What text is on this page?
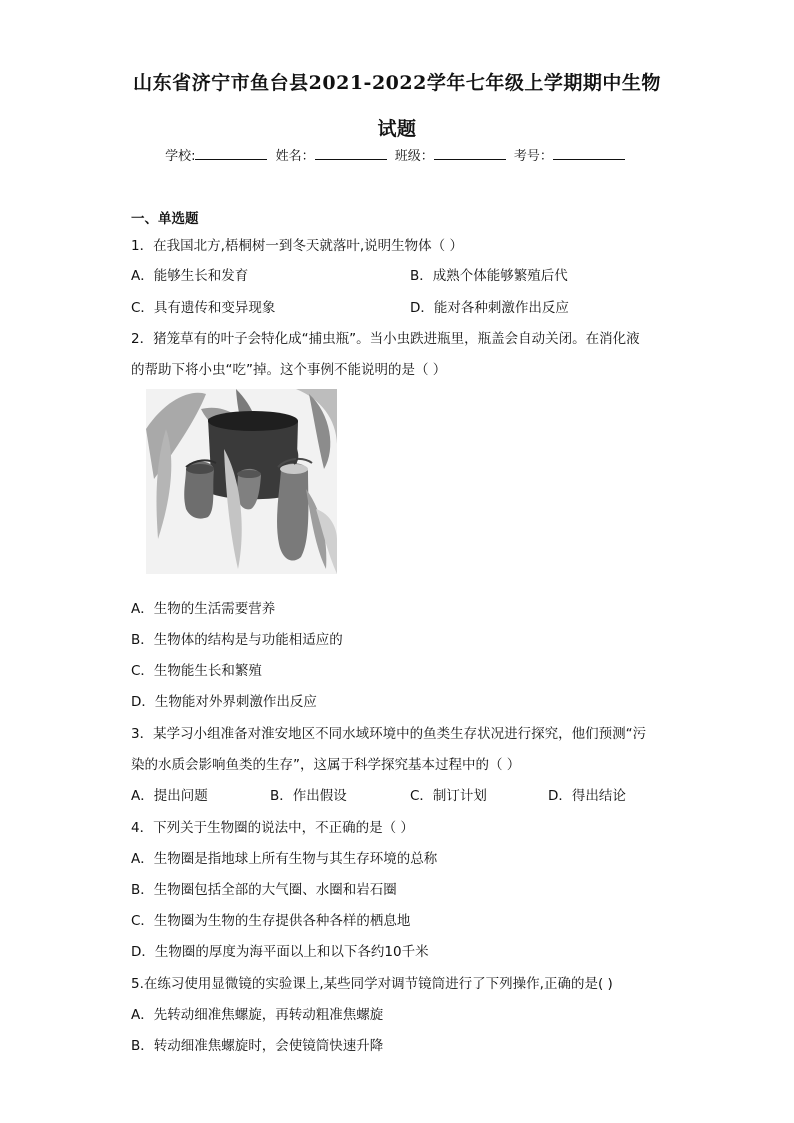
山东省济宁市鱼台县2021-2022学年七年级上学期期中生物
试题
学校:	姓名：	班级：	考号：
一、单选题
1．在我国北方,梧桐树一到冬天就落叶,说明生物体（ ）
A．能够生长和发育	B．成熟个体能够繁殖后代
C．具有遗传和变异现象	D．能对各种刺激作出反应
2．猪笼草有的叶子会特化成“捕虫瓶”。当小虫跌进瓶里，瓶盖会自动关闭。在消化液
的帮助下将小虫“吃”掉。这个事例不能说明的是（ ）
A．生物的生活需要营养
B．生物体的结构是与功能相适应的
C．生物能生长和繁殖
D．生物能对外界刺激作出反应
3．某学习小组准备对淮安地区不同水域环境中的鱼类生存状况进行探究，他们预测“污
染的水质会影响鱼类的生存”，这属于科学探究基本过程中的（ ）
A．提出问题	B．作出假设	C．制订计划	D．得出结论
4．下列关于生物圈的说法中，不正确的是（ ）
A．生物圈是指地球上所有生物与其生存环境的总称
B．生物圈包括全部的大气圈、水圈和岩石圈
C．生物圈为生物的生存提供各种各样的栖息地
D．生物圈的厚度为海平面以上和以下各约10千米
5.在练习使用显微镜的实验课上,某些同学对调节镜筒进行了下列操作,正确的是( )
A．先转动细准焦螺旋，再转动粗准焦螺旋
B．转动细准焦螺旋时，会使镜筒快速升降
